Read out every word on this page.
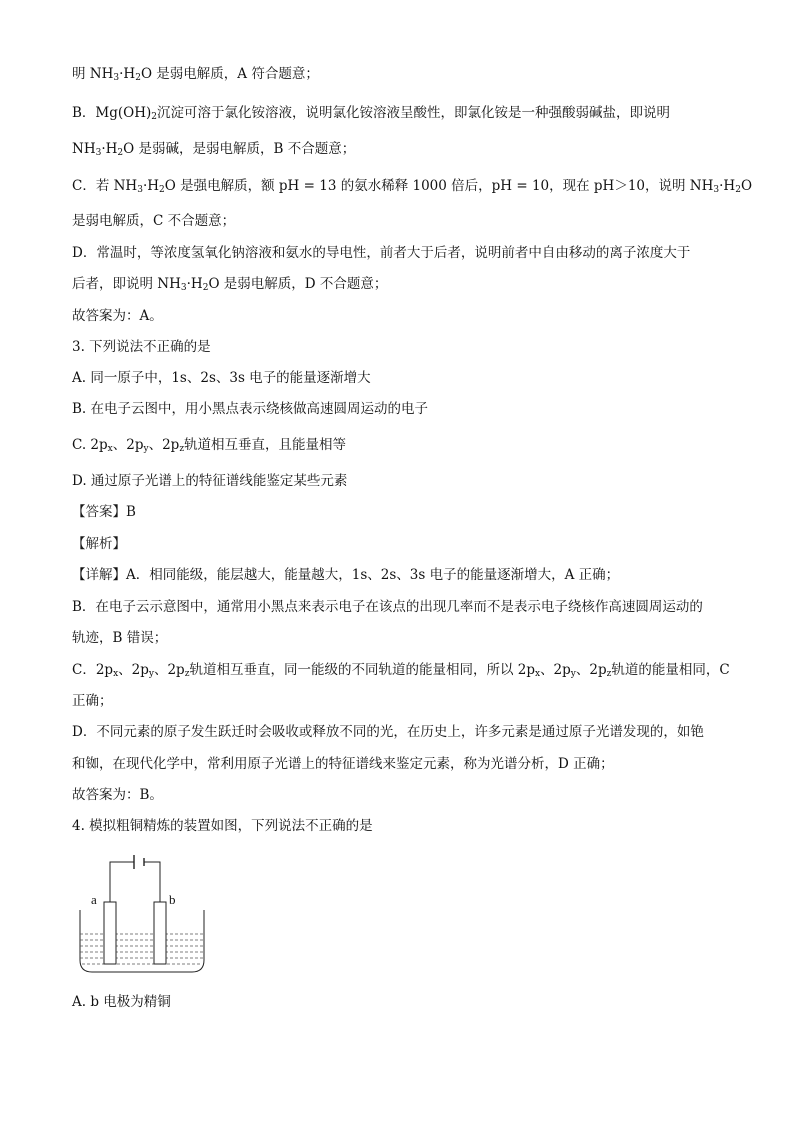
明 $NH_3\cdot H_2O$ 是弱电解质，A 符合题意；
B．$Mg(OH)_2$沉淀可溶于氯化铵溶液，说明氯化铵溶液呈酸性，即氯化铵是一种强酸弱碱盐，即说明
$NH_3\cdot H_2O$ 是弱碱，是弱电解质，B 不合题意；
C．若 $NH_3\cdot H_2O$ 是强电解质，额 pH = 13 的氨水稀释 1000 倍后，pH = 10，现在 pH＞10，说明 $NH_3\cdot H_2O$
是弱电解质，C 不合题意；
D．常温时，等浓度氢氧化钠溶液和氨水的导电性，前者大于后者，说明前者中自由移动的离子浓度大于
后者，即说明 $NH_3\cdot H_2O$ 是弱电解质，D 不合题意；
故答案为：A。
3. 下列说法不正确的是
A. 同一原子中，1s、2s、3s 电子的能量逐渐增大
B. 在电子云图中，用小黑点表示绕核做高速圆周运动的电子
C. $2p_x$、$2p_y$、$2p_z$轨道相互垂直，且能量相等
D. 通过原子光谱上的特征谱线能鉴定某些元素
【答案】B
【解析】
【详解】A．相同能级，能层越大，能量越大，1s、2s、3s 电子的能量逐渐增大，A 正确；
B．在电子云示意图中，通常用小黑点来表示电子在该点的出现几率而不是表示电子绕核作高速圆周运动的
轨迹，B 错误；
C．$2p_x$、$2p_y$、$2p_z$轨道相互垂直，同一能级的不同轨道的能量相同，所以 $2p_x$、$2p_y$、$2p_z$轨道的能量相同，C
正确；
D．不同元素的原子发生跃迁时会吸收或释放不同的光，在历史上，许多元素是通过原子光谱发现的，如铯
和铷，在现代化学中，常利用原子光谱上的特征谱线来鉴定元素，称为光谱分析，D 正确；
故答案为：B。
4. 模拟粗铜精炼的装置如图，下列说法不正确的是
a	b
A. b 电极为精铜
